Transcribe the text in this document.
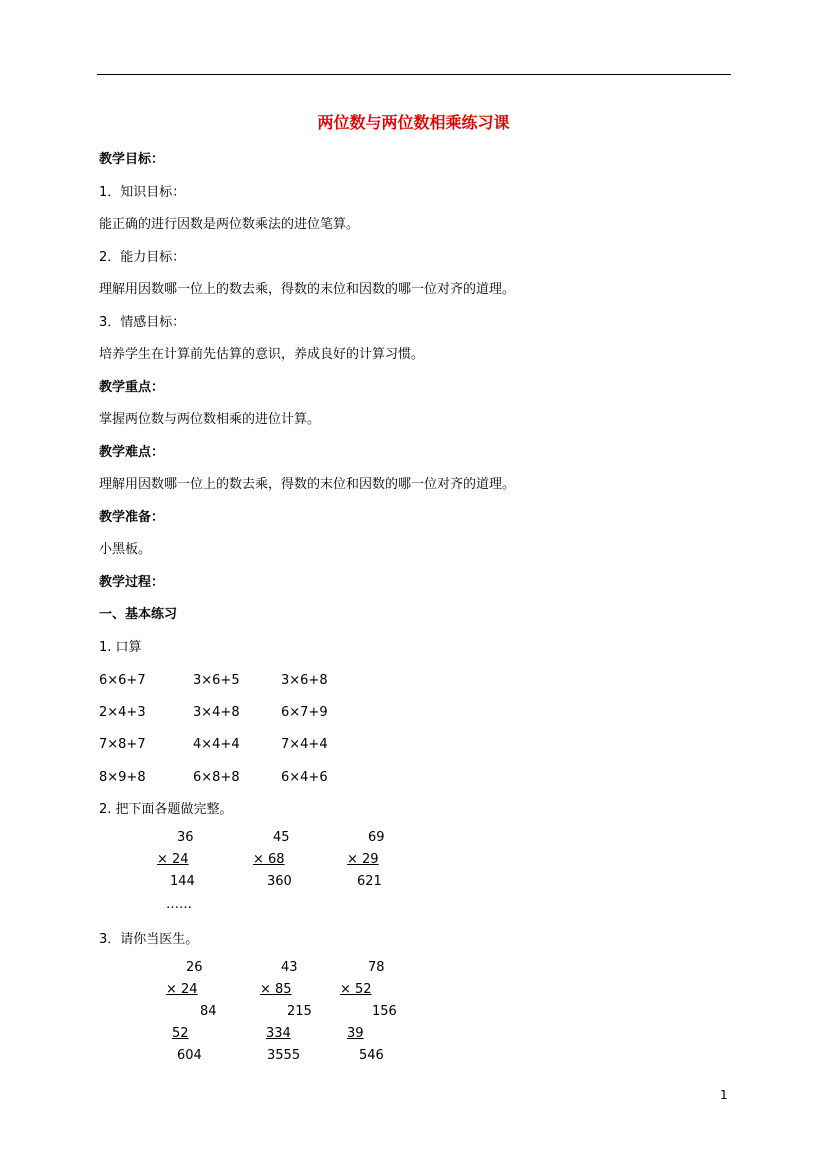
两位数与两位数相乘练习课
教学目标：
1．知识目标：
能正确的进行因数是两位数乘法的进位笔算。
2．能力目标：
理解用因数哪一位上的数去乘，得数的末位和因数的哪一位对齐的道理。
3．情感目标：
培养学生在计算前先估算的意识，养成良好的计算习惯。
教学重点：
掌握两位数与两位数相乘的进位计算。
教学难点：
理解用因数哪一位上的数去乘，得数的末位和因数的哪一位对齐的道理。
教学准备：
小黑板。
教学过程：
一、基本练习
1. 口算
6×6+7	3×6+5	3×6+8
2×4+3	3×4+8	6×7+9
7×8+7	4×4+4	7×4+4
8×9+8	6×8+8	6×4+6
2. 把下面各题做完整。
36	45	69
× 24	× 68	× 29
144	360	621
……
3．请你当医生。
26	43	78
× 24	× 85	× 52
84	215	156
52	334	39
604	3555	546
1
